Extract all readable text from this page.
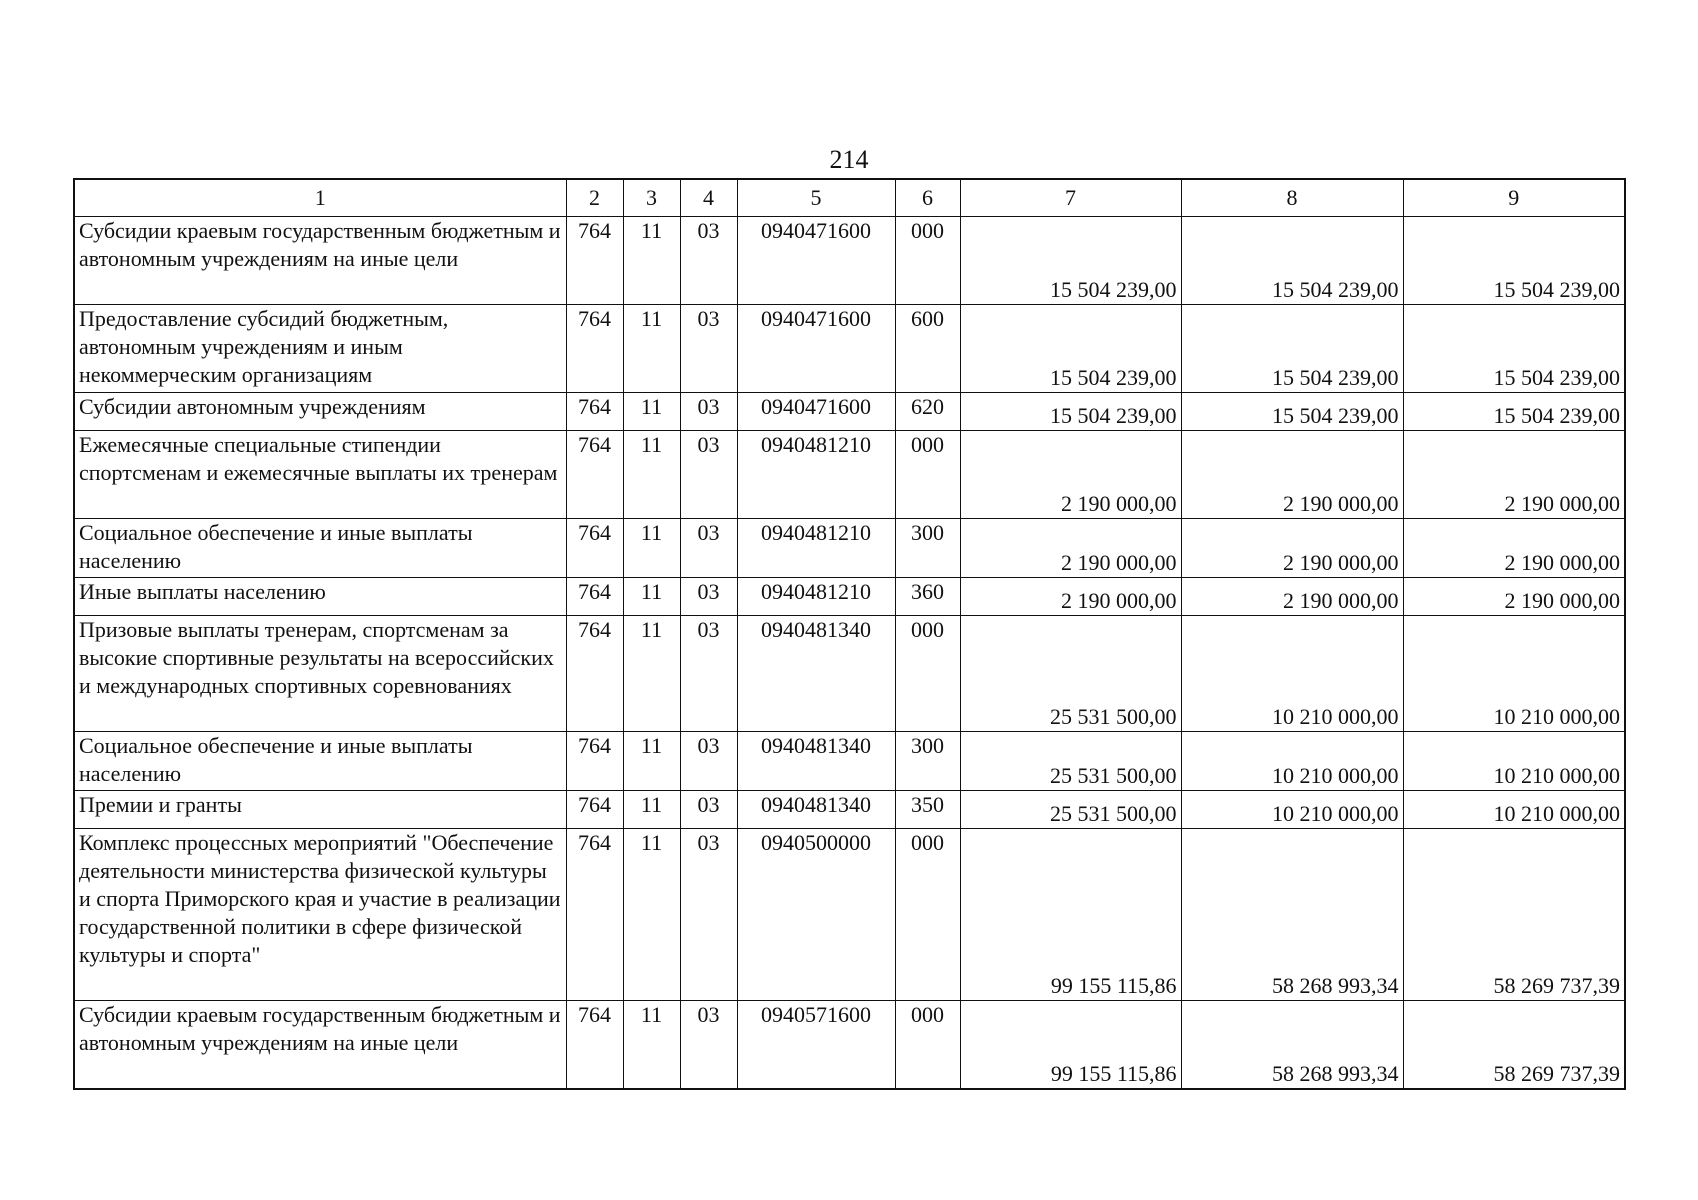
214
1	2	3	4	5	6	7	8	9
Субсидии краевым государственным бюджетным и автономным учреждениям на иные цели	764	11	03	0940471600	000	15 504 239,00	15 504 239,00	15 504 239,00
Предоставление субсидий бюджетным, автономным учреждениям и иным некоммерческим организациям	764	11	03	0940471600	600	15 504 239,00	15 504 239,00	15 504 239,00
Субсидии автономным учреждениям	764	11	03	0940471600	620	15 504 239,00	15 504 239,00	15 504 239,00
Ежемесячные специальные стипендии спортсменам и ежемесячные выплаты их тренерам	764	11	03	0940481210	000	2 190 000,00	2 190 000,00	2 190 000,00
Социальное обеспечение и иные выплаты населению	764	11	03	0940481210	300	2 190 000,00	2 190 000,00	2 190 000,00
Иные выплаты населению	764	11	03	0940481210	360	2 190 000,00	2 190 000,00	2 190 000,00
Призовые выплаты тренерам, спортсменам за высокие спортивные результаты на всероссийских и международных спортивных соревнованиях	764	11	03	0940481340	000	25 531 500,00	10 210 000,00	10 210 000,00
Социальное обеспечение и иные выплаты населению	764	11	03	0940481340	300	25 531 500,00	10 210 000,00	10 210 000,00
Премии и гранты	764	11	03	0940481340	350	25 531 500,00	10 210 000,00	10 210 000,00
Комплекс процессных мероприятий "Обеспечение деятельности министерства физической культуры и спорта Приморского края и участие в реализации государственной политики в сфере физической культуры и спорта"	764	11	03	0940500000	000	99 155 115,86	58 268 993,34	58 269 737,39
Субсидии краевым государственным бюджетным и автономным учреждениям на иные цели	764	11	03	0940571600	000	99 155 115,86	58 268 993,34	58 269 737,39
